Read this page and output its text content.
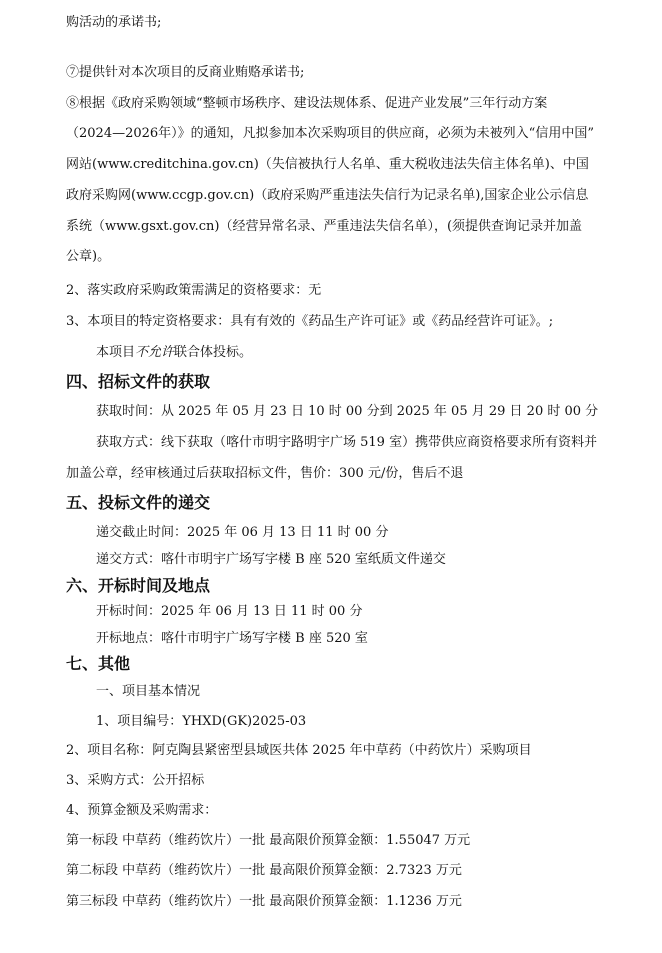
购活动的承诺书;
⑦提供针对本次项目的反商业贿赂承诺书;
⑧根据《政府采购领域“整顿市场秩序、建设法规体系、促进产业发展”三年行动方案
（2024—2026年）》的通知，凡拟参加本次采购项目的供应商，必须为未被列入“信用中国”
网站(www.creditchina.gov.cn)（失信被执行人名单、重大税收违法失信主体名单)、中国
政府采购网(www.ccgp.gov.cn)（政府采购严重违法失信行为记录名单),国家企业公示信息
系统（www.gsxt.gov.cn)（经营异常名录、严重违法失信名单），(须提供查询记录并加盖
公章)。
2、落实政府采购政策需满足的资格要求：无
3、本项目的特定资格要求：具有有效的《药品生产许可证》或《药品经营许可证》。;
本项目不允许联合体投标。
四、招标文件的获取
获取时间：从 2025 年 05 月 23 日 10 时 00 分到 2025 年 05 月 29 日 20 时 00 分
获取方式：线下获取（喀什市明宇路明宇广场 519 室）携带供应商资格要求所有资料并
加盖公章，经审核通过后获取招标文件，售价：300 元/份，售后不退
五、投标文件的递交
递交截止时间：2025 年 06 月 13 日 11 时 00 分
递交方式：喀什市明宇广场写字楼 B 座 520 室纸质文件递交
六、开标时间及地点
开标时间：2025 年 06 月 13 日 11 时 00 分
开标地点：喀什市明宇广场写字楼 B 座 520 室
七、其他
一、项目基本情况
1、项目编号：YHXD(GK)2025-03
2、项目名称：阿克陶县紧密型县域医共体 2025 年中草药（中药饮片）采购项目
3、采购方式：公开招标
4、预算金额及采购需求：
第一标段 中草药（维药饮片）一批 最高限价预算金额：1.55047 万元
第二标段 中草药（维药饮片）一批 最高限价预算金额：2.7323 万元
第三标段 中草药（维药饮片）一批 最高限价预算金额：1.1236 万元
